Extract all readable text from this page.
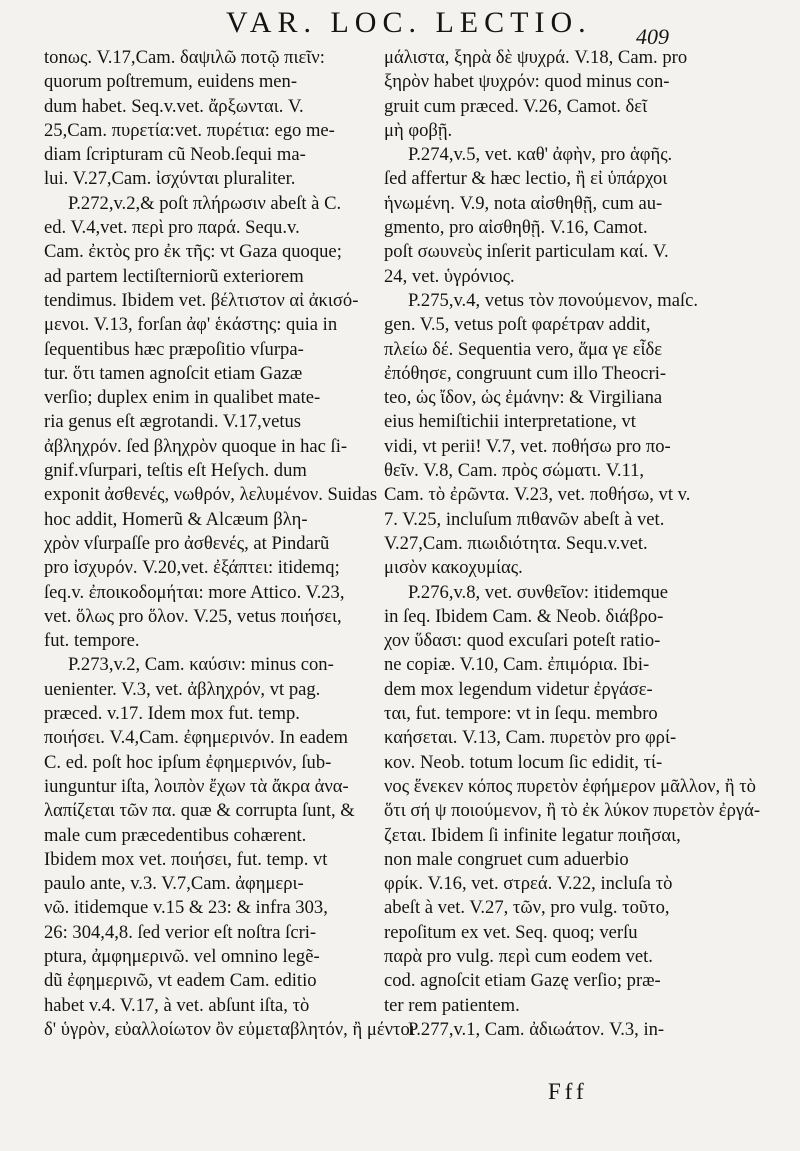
VAR. LOC. LECTIO. 409
tonως. V.17,Cam. δαψιλῶ ποτῷ πιεῖν:
quorum poſtremum, euidens men-
dum habet. Seq.v.vet. ἄρξωνται. V.
25,Cam. πυρετία:vet. πυρέτια: ego me-
diam ſcripturam cũ Neob.ſequi ma-
lui. V.27,Cam. ἰσχύνται pluraliter.
P.272,v.2,& poſt πλήρωσιν abeſt à C.
ed. V.4,vet. περὶ pro παρά. Sequ.v.
Cam. ἐκτὸς pro ἐκ τῆς: vt Gaza quoque;
ad partem lectiſterniorũ exteriorem
tendimus. Ibidem vet. βέλτιστον αἰ ἀκισό-
μενοι. V.13, forſan ἀφ' ἑκάστης: quia in
ſequentibus hæc præpoſitio vſurpa-
tur. ὅτι tamen agnoſcit etiam Gazæ
verſio; duplex enim in qualibet mate-
ria genus eſt ægrotandi. V.17,vetus
ἀβληχρόν. ſed βληχρὸν quoque in hac ſi-
gnif.vſurpari, teſtis eſt Heſych. dum
exponit ἀσθενές, νωθρόν, λελυμένον. Suidas
hoc addit, Homerũ & Alcæum βλη-
χρὸν vſurpaſſe pro ἀσθενές, at Pindarũ
pro ἰσχυρόν. V.20,vet. ἐξάπτει: itidemq;
ſeq.v. ἐποικοδομήται: more Attico. V.23,
vet. ὅλως pro ὅλον. V.25, vetus ποιήσει,
fut. tempore.
P.273,v.2, Cam. καύσιν: minus con-
uenienter. V.3, vet. ἀβληχρόν, vt pag.
præced. v.17. Idem mox fut. temp.
ποιήσει. V.4,Cam. ἐφημερινόν. In eadem
C. ed. poſt hoc ipſum ἐφημερινόν, ſub-
iunguntur iſta, λοιπὸν ἔχων τὰ ἄκρα ἀνα-
λαπίζεται τῶν πα. quæ & corrupta ſunt, &
male cum præcedentibus cohærent.
Ibidem mox vet. ποιήσει, fut. temp. vt
paulo ante, v.3. V.7,Cam. ἀφημερι-
νῶ. itidemque v.15 & 23: & infra 303,
26: 304,4,8. ſed verior eſt noſtra ſcri-
ptura, ἀμφημερινῶ. vel omnino legẽ-
dũ ἐφημερινῶ, vt eadem Cam. editio
habet v.4. V.17, à vet. abſunt iſta, τὸ
δ' ὑγρὸν, εὐαλλοίωτον ὂν εὐμεταβλητόν, ἢ μέντοι
μάλιστα, ξηρὰ δὲ ψυχρά. V.18, Cam. pro
ξηρὸν habet ψυχρόν: quod minus con-
gruit cum præced. V.26, Camot. δεῖ
μὴ φοβῇ.
P.274,v.5, vet. καθ' ἀφὴν, pro ἁφῆς.
ſed affertur & hæc lectio, ἢ εἰ ὑπάρχοι
ἡνωμένη. V.9, nota αἰσθηθῇ, cum au-
gmento, pro αἰσθηθῇ. V.16, Camot.
poſt σωυνεὺς inſerit particulam καί. V.
24, vet. ὑγρόνιος.
P.275,v.4, vetus τὸν πονούμενον, maſc.
gen. V.5, vetus poſt φαρέτραν addit,
πλείω δέ. Sequentia vero, ἅμα γε εἶδε
ἐπόθησε, congruunt cum illo Theocri-
teo, ὡς ἴδον, ὡς ἐμάνην: & Virgiliana
eius hemiſtichii interpretatione, vt
vidi, vt perii! V.7, vet. ποθήσω pro πο-
θεῖν. V.8, Cam. πρὸς σώματι. V.11,
Cam. τὸ ἐρῶντα. V.23, vet. ποθήσω, vt v.
7. V.25, incluſum πιθανῶν abeſt à vet.
V.27,Cam. πιωιδιότητα. Sequ.v.vet.
μισὸν κακοχυμίας.
P.276,v.8, vet. συνθεῖον: itidemque
in ſeq. Ibidem Cam. & Neob. διάβρο-
χον ὕδασι: quod excuſari poteſt ratio-
ne copiæ. V.10, Cam. ἐπιμόρια. Ibi-
dem mox legendum videtur ἐργάσε-
ται, fut. tempore: vt in ſequ. membro
καήσεται. V.13, Cam. πυρετὸν pro φρί-
κον. Neob. totum locum ſic edidit, τί-
νος ἕνεκεν κόπος πυρετὸν ἐφήμερον μᾶλλον, ἢ τὸ
ὅτι σή ψ ποιούμενον, ἢ τὸ ἐκ λύκον πυρετὸν ἐργά-
ζεται. Ibidem ſi infinite legatur ποιῆσαι,
non male congruet cum aduerbio
φρίκ. V.16, vet. στρεά. V.22, incluſa τὸ
abeſt à vet. V.27, τῶν, pro vulg. τοῦτο,
repoſitum ex vet. Seq. quoq; verſu
παρὰ pro vulg. περὶ cum eodem vet.
cod. agnoſcit etiam Gazę verſio; præ-
ter rem patientem.
P.277,v.1, Cam. ἀδιωάτον. V.3, in-
Fff
